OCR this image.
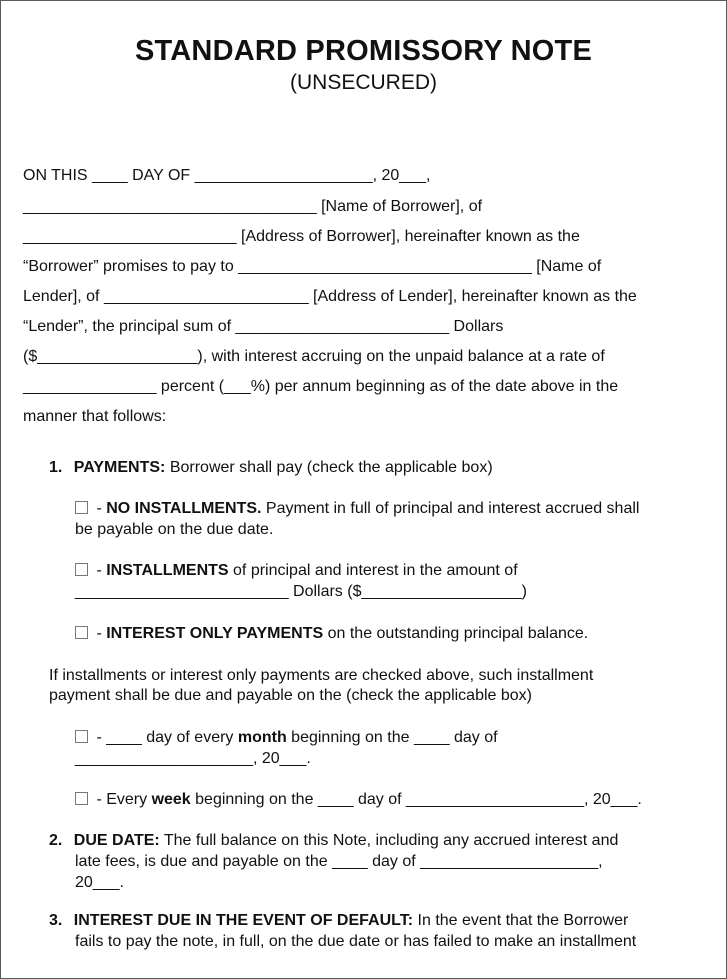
STANDARD PROMISSORY NOTE
(UNSECURED)
ON THIS ____ DAY OF ____________________, 20___,
_________________________________ [Name of Borrower], of
________________________ [Address of Borrower], hereinafter known as the
“Borrower” promises to pay to _________________________________ [Name of
Lender], of _______________________ [Address of Lender], hereinafter known as the
“Lender”, the principal sum of ________________________ Dollars
($__________________), with interest accruing on the unpaid balance at a rate of
_______________ percent (___%) per annum beginning as of the date above in the
manner that follows:
1. PAYMENTS: Borrower shall pay (check the applicable box)
- NO INSTALLMENTS. Payment in full of principal and interest accrued shall
be payable on the due date.
- INSTALLMENTS of principal and interest in the amount of
________________________ Dollars ($__________________)
- INTEREST ONLY PAYMENTS on the outstanding principal balance.
If installments or interest only payments are checked above, such installment
payment shall be due and payable on the (check the applicable box)
- ____ day of every month beginning on the ____ day of
____________________, 20___.
- Every week beginning on the ____ day of ____________________, 20___.
2. DUE DATE: The full balance on this Note, including any accrued interest and
late fees, is due and payable on the ____ day of ____________________,
20___.
3. INTEREST DUE IN THE EVENT OF DEFAULT: In the event that the Borrower
fails to pay the note, in full, on the due date or has failed to make an installment
